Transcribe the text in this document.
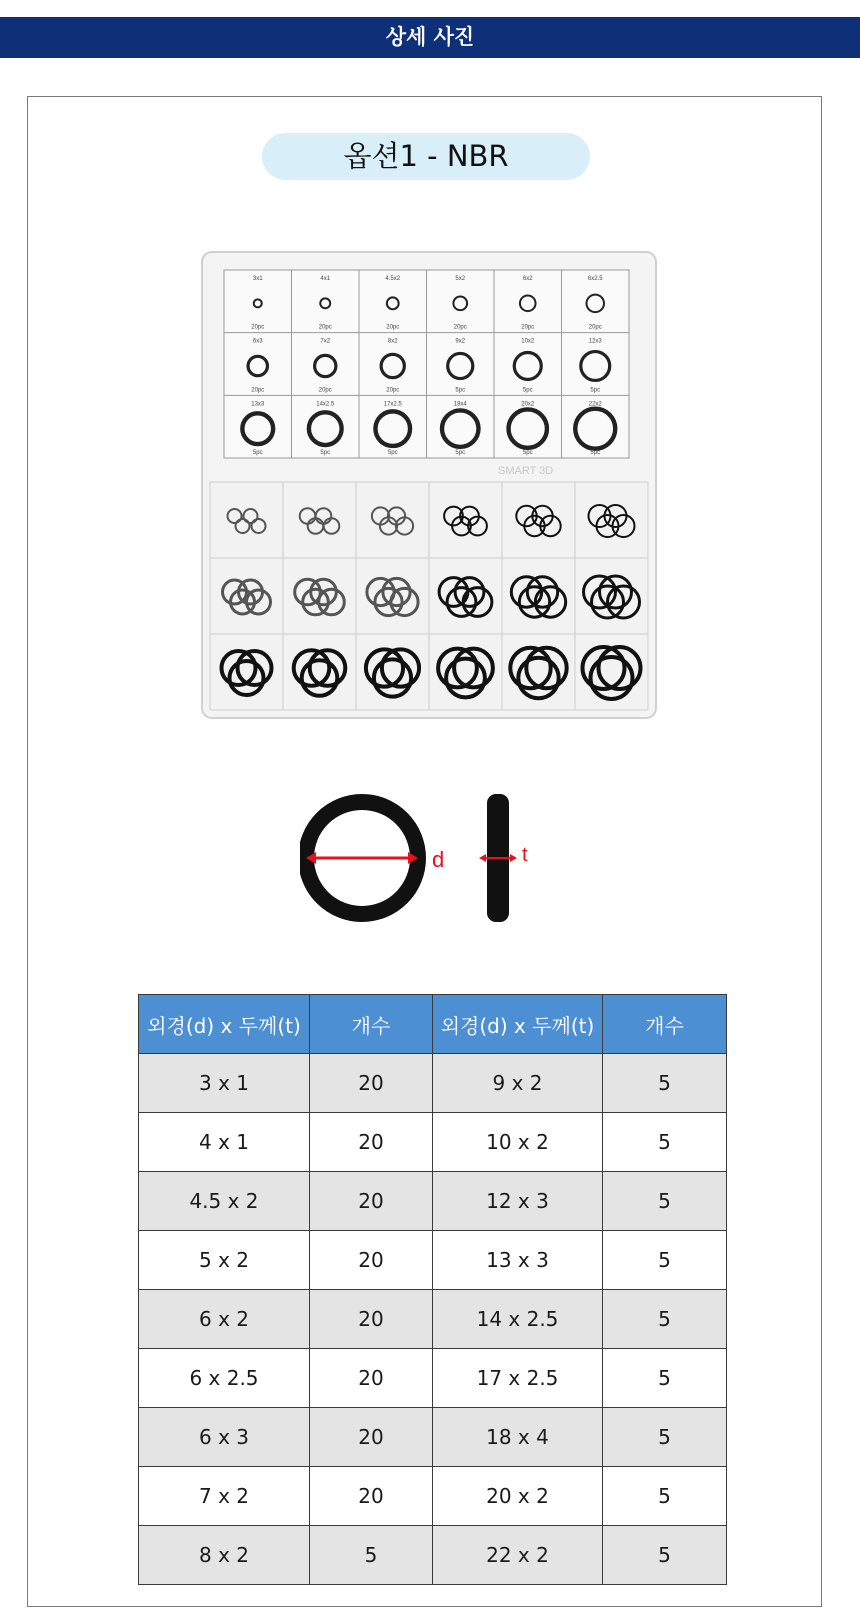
상세 사진
옵션1 - NBR
3x1
20pc
4x1
20pc
4.5x2
20pc
5x2
20pc
6x2
20pc
6x2.5
20pc
6x3
20pc
7x2
20pc
8x2
20pc
9x2
5pc
10x2
5pc
12x3
5pc
13x3
5pc
14x2.5
5pc
17x2.5
5pc
18x4
5pc
20x2
5pc
22x2
5pc
SMART 3D
d	t
외경(d) x 두께(t)	개수	외경(d) x 두께(t)	개수
3 x 1	20	9 x 2	5
4 x 1	20	10 x 2	5
4.5 x 2	20	12 x 3	5
5 x 2	20	13 x 3	5
6 x 2	20	14 x 2.5	5
6 x 2.5	20	17 x 2.5	5
6 x 3	20	18 x 4	5
7 x 2	20	20 x 2	5
8 x 2	5	22 x 2	5
